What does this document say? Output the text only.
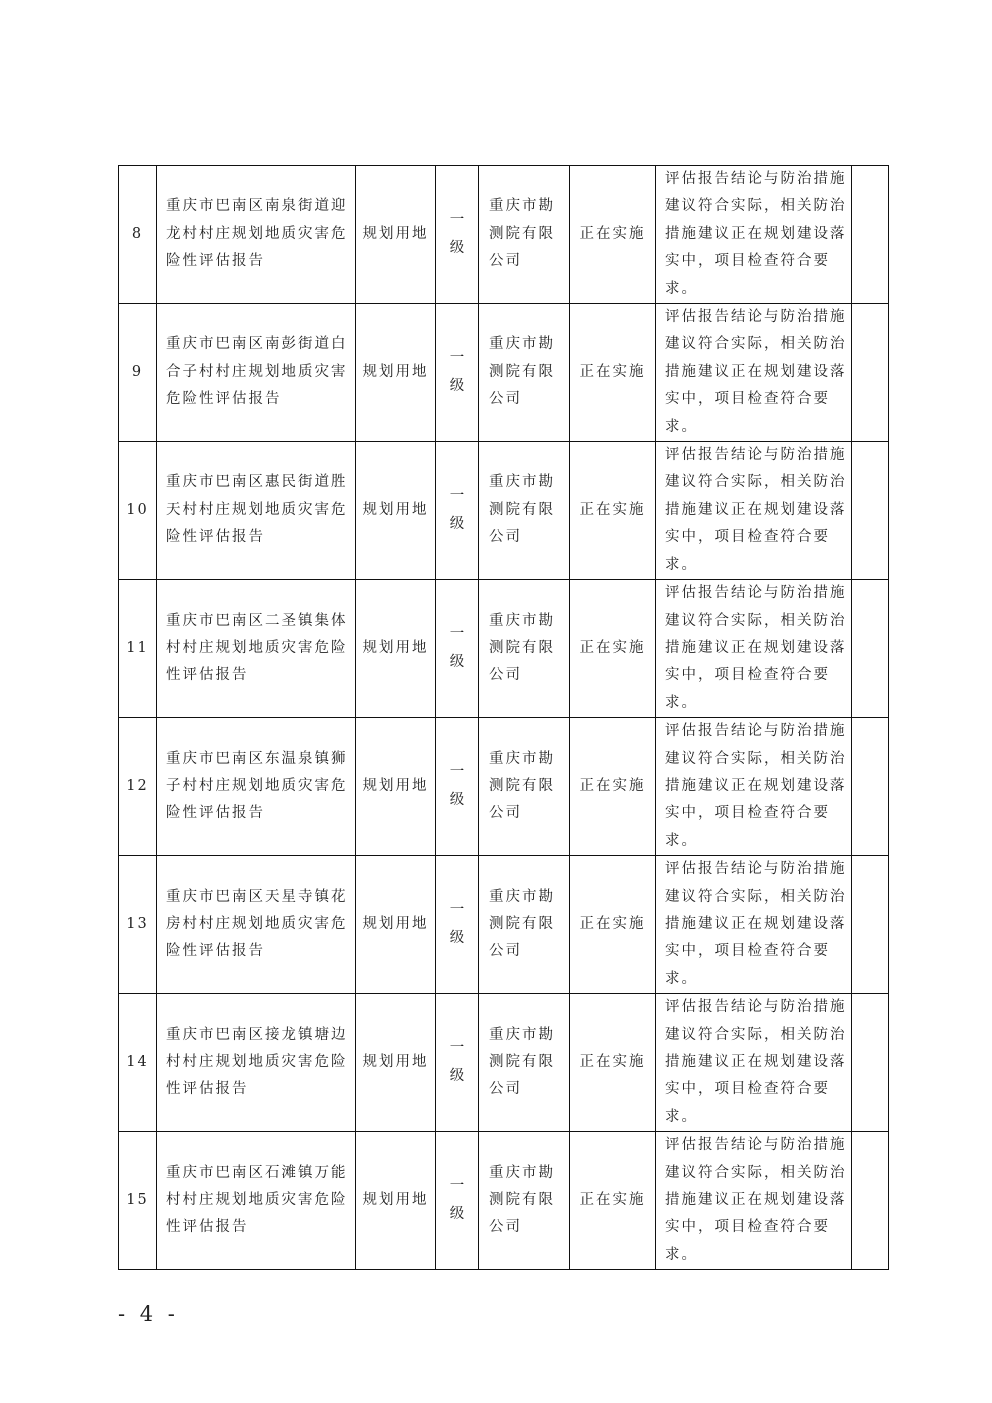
8	重庆市巴南区南泉街道迎龙村村庄规划地质灾害危险性评估报告	规划用地	一级	重庆市勘测院有限公司	正在实施	评估报告结论与防治措施建议符合实际，相关防治措施建议正在规划建设落实中，项目检查符合要求。	
9	重庆市巴南区南彭街道白合子村村庄规划地质灾害危险性评估报告	规划用地	一级	重庆市勘测院有限公司	正在实施	评估报告结论与防治措施建议符合实际，相关防治措施建议正在规划建设落实中，项目检查符合要求。	
10	重庆市巴南区惠民街道胜天村村庄规划地质灾害危险性评估报告	规划用地	一级	重庆市勘测院有限公司	正在实施	评估报告结论与防治措施建议符合实际，相关防治措施建议正在规划建设落实中，项目检查符合要求。	
11	重庆市巴南区二圣镇集体村村庄规划地质灾害危险性评估报告	规划用地	一级	重庆市勘测院有限公司	正在实施	评估报告结论与防治措施建议符合实际，相关防治措施建议正在规划建设落实中，项目检查符合要求。	
12	重庆市巴南区东温泉镇狮子村村庄规划地质灾害危险性评估报告	规划用地	一级	重庆市勘测院有限公司	正在实施	评估报告结论与防治措施建议符合实际，相关防治措施建议正在规划建设落实中，项目检查符合要求。	
13	重庆市巴南区天星寺镇花房村村庄规划地质灾害危险性评估报告	规划用地	一级	重庆市勘测院有限公司	正在实施	评估报告结论与防治措施建议符合实际，相关防治措施建议正在规划建设落实中，项目检查符合要求。	
14	重庆市巴南区接龙镇塘边村村庄规划地质灾害危险性评估报告	规划用地	一级	重庆市勘测院有限公司	正在实施	评估报告结论与防治措施建议符合实际，相关防治措施建议正在规划建设落实中，项目检查符合要求。	
15	重庆市巴南区石滩镇万能村村庄规划地质灾害危险性评估报告	规划用地	一级	重庆市勘测院有限公司	正在实施	评估报告结论与防治措施建议符合实际，相关防治措施建议正在规划建设落实中，项目检查符合要求。	
- 4 -
